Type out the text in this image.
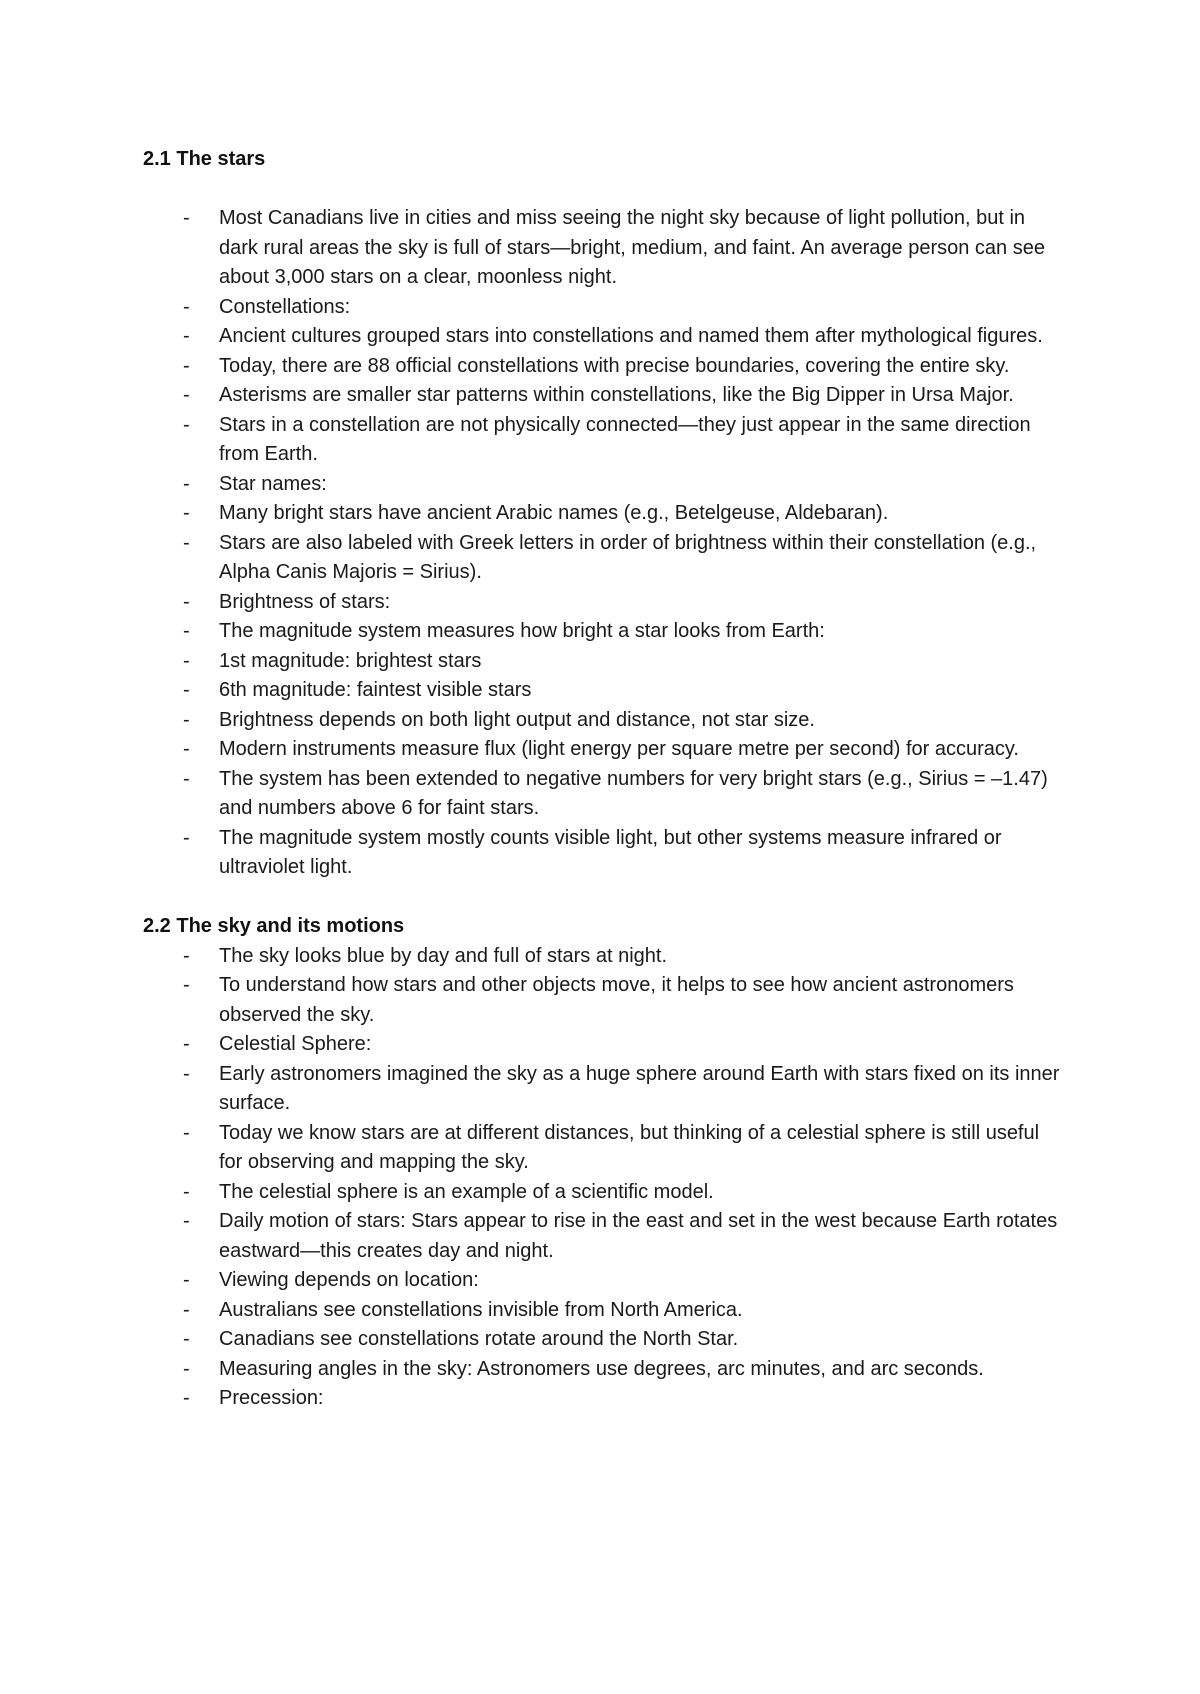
2.1 The stars
- Most Canadians live in cities and miss seeing the night sky because of light pollution, but in dark rural areas the sky is full of stars—bright, medium, and faint. An average person can see about 3,000 stars on a clear, moonless night.
- Constellations:
- Ancient cultures grouped stars into constellations and named them after mythological figures.
- Today, there are 88 official constellations with precise boundaries, covering the entire sky.
- Asterisms are smaller star patterns within constellations, like the Big Dipper in Ursa Major.
- Stars in a constellation are not physically connected—they just appear in the same direction from Earth.
- Star names:
- Many bright stars have ancient Arabic names (e.g., Betelgeuse, Aldebaran).
- Stars are also labeled with Greek letters in order of brightness within their constellation (e.g., Alpha Canis Majoris = Sirius).
- Brightness of stars:
- The magnitude system measures how bright a star looks from Earth:
- 1st magnitude: brightest stars
- 6th magnitude: faintest visible stars
- Brightness depends on both light output and distance, not star size.
- Modern instruments measure flux (light energy per square metre per second) for accuracy.
- The system has been extended to negative numbers for very bright stars (e.g., Sirius = –1.47) and numbers above 6 for faint stars.
- The magnitude system mostly counts visible light, but other systems measure infrared or ultraviolet light.
2.2 The sky and its motions
- The sky looks blue by day and full of stars at night.
- To understand how stars and other objects move, it helps to see how ancient astronomers observed the sky.
- Celestial Sphere:
- Early astronomers imagined the sky as a huge sphere around Earth with stars fixed on its inner surface.
- Today we know stars are at different distances, but thinking of a celestial sphere is still useful for observing and mapping the sky.
- The celestial sphere is an example of a scientific model.
- Daily motion of stars: Stars appear to rise in the east and set in the west because Earth rotates eastward—this creates day and night.
- Viewing depends on location:
- Australians see constellations invisible from North America.
- Canadians see constellations rotate around the North Star.
- Measuring angles in the sky: Astronomers use degrees, arc minutes, and arc seconds.
- Precession:
